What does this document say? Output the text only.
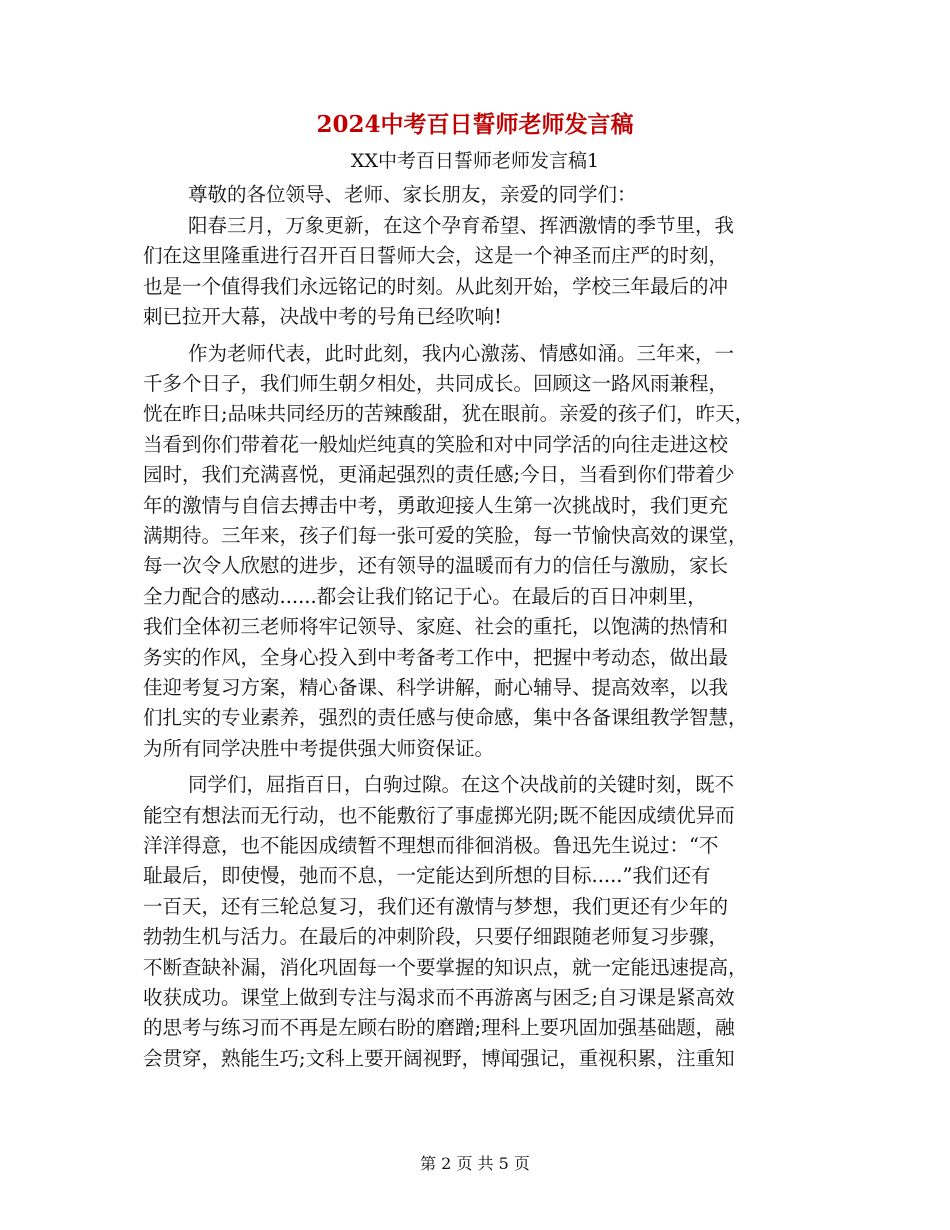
2024中考百日誓师老师发言稿
XX中考百日誓师老师发言稿1
尊敬的各位领导、老师、家长朋友，亲爱的同学们：
阳春三月，万象更新，在这个孕育希望、挥洒激情的季节里，我
们在这里隆重进行召开百日誓师大会，这是一个神圣而庄严的时刻，
也是一个值得我们永远铭记的时刻。从此刻开始，学校三年最后的冲
刺已拉开大幕，决战中考的号角已经吹响!
作为老师代表，此时此刻，我内心激荡、情感如涌。三年来，一
千多个日子，我们师生朝夕相处，共同成长。回顾这一路风雨兼程，
恍在昨日;品味共同经历的苦辣酸甜，犹在眼前。亲爱的孩子们，昨天，
当看到你们带着花一般灿烂纯真的笑脸和对中同学活的向往走进这校
园时，我们充满喜悦，更涌起强烈的责任感;今日，当看到你们带着少
年的激情与自信去搏击中考，勇敢迎接人生第一次挑战时，我们更充
满期待。三年来，孩子们每一张可爱的笑脸，每一节愉快高效的课堂，
每一次令人欣慰的进步，还有领导的温暖而有力的信任与激励，家长
全力配合的感动......都会让我们铭记于心。在最后的百日冲刺里，
我们全体初三老师将牢记领导、家庭、社会的重托，以饱满的热情和
务实的作风，全身心投入到中考备考工作中，把握中考动态，做出最
佳迎考复习方案，精心备课、科学讲解，耐心辅导、提高效率，以我
们扎实的专业素养，强烈的责任感与使命感，集中各备课组教学智慧，
为所有同学决胜中考提供强大师资保证。
同学们，屈指百日，白驹过隙。在这个决战前的关键时刻，既不
能空有想法而无行动，也不能敷衍了事虚掷光阴;既不能因成绩优异而
洋洋得意，也不能因成绩暂不理想而徘徊消极。鲁迅先生说过：“不
耻最后，即使慢，弛而不息，一定能达到所想的目标.....”我们还有
一百天，还有三轮总复习，我们还有激情与梦想，我们更还有少年的
勃勃生机与活力。在最后的冲刺阶段，只要仔细跟随老师复习步骤，
不断查缺补漏，消化巩固每一个要掌握的知识点，就一定能迅速提高，
收获成功。课堂上做到专注与渴求而不再游离与困乏;自习课是紧高效
的思考与练习而不再是左顾右盼的磨蹭;理科上要巩固加强基础题，融
会贯穿，熟能生巧;文科上要开阔视野，博闻强记，重视积累，注重知
第 2 页 共 5 页
